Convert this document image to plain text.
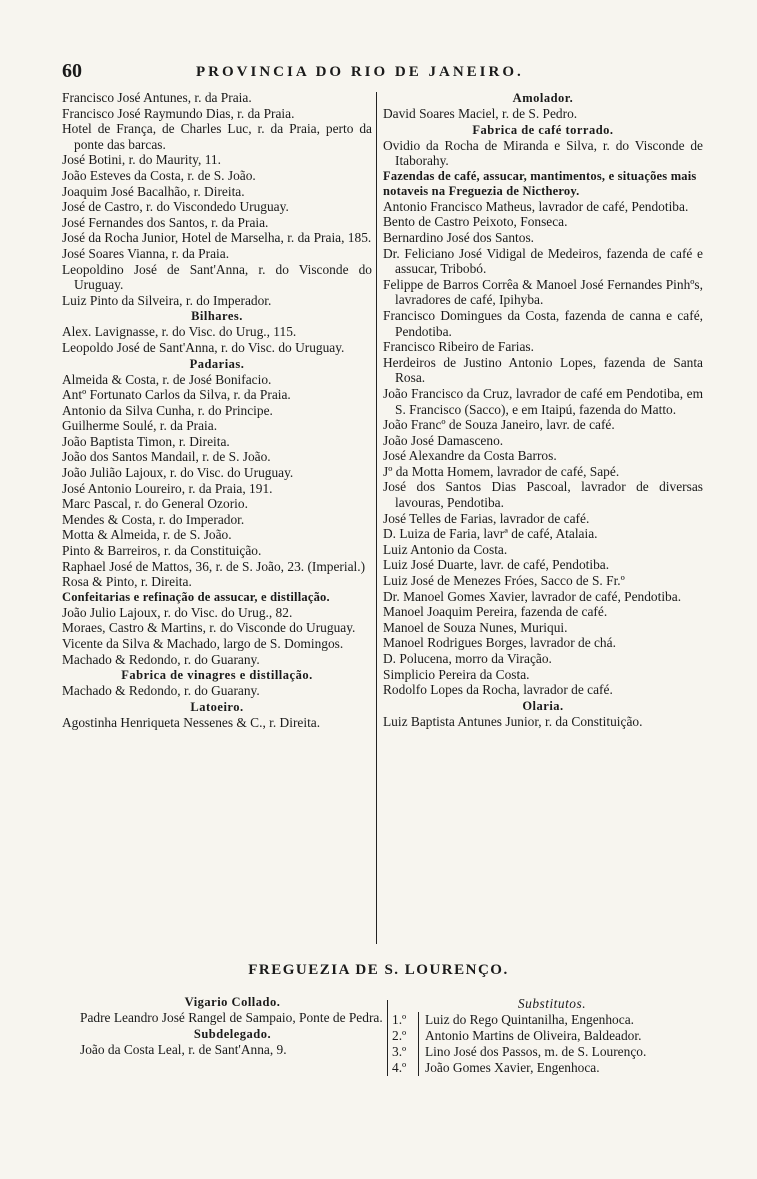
60	PROVINCIA DO RIO DE JANEIRO.
Francisco José Antunes, r. da Praia.
Francisco José Raymundo Dias, r. da Praia.
Hotel de França, de Charles Luc, r. da Praia, perto da ponte das barcas.
José Botini, r. do Maurity, 11.
João Esteves da Costa, r. de S. João.
Joaquim José Bacalhão, r. Direita.
José de Castro, r. do Viscondedo Uruguay.
José Fernandes dos Santos, r. da Praia.
José da Rocha Junior, Hotel de Marselha, r. da Praia, 185.
José Soares Vianna, r. da Praia.
Leopoldino José de Sant'Anna, r. do Visconde do Uruguay.
Luiz Pinto da Silveira, r. do Imperador.
Bilhares.
Alex. Lavignasse, r. do Visc. do Urug., 115.
Leopoldo José de Sant'Anna, r. do Visc. do Uruguay.
Padarias.
Almeida & Costa, r. de José Bonifacio.
Antº Fortunato Carlos da Silva, r. da Praia.
Antonio da Silva Cunha, r. do Principe.
Guilherme Soulé, r. da Praia.
João Baptista Timon, r. Direita.
João dos Santos Mandail, r. de S. João.
João Julião Lajoux, r. do Visc. do Uruguay.
José Antonio Loureiro, r. da Praia, 191.
Marc Pascal, r. do General Ozorio.
Mendes & Costa, r. do Imperador.
Motta & Almeida, r. de S. João.
Pinto & Barreiros, r. da Constituição.
Raphael José de Mattos, 36, r. de S. João, 23. (Imperial.)
Rosa & Pinto, r. Direita.
Confeitarias e refinação de assucar, e distillação.
João Julio Lajoux, r. do Visc. do Urug., 82.
Moraes, Castro & Martins, r. do Visconde do Uruguay.
Vicente da Silva & Machado, largo de S. Domingos.
Machado & Redondo, r. do Guarany.
Fabrica de vinagres e distillação.
Machado & Redondo, r. do Guarany.
Latoeiro.
Agostinha Henriqueta Nessenes & C., r. Direita.
Amolador.
David Soares Maciel, r. de S. Pedro.
Fabrica de café torrado.
Ovidio da Rocha de Miranda e Silva, r. do Visconde de Itaborahy.
Fazendas de café, assucar, mantimentos, e situações mais notaveis na Freguezia de Nictheroy.
Antonio Francisco Matheus, lavrador de café, Pendotiba.
Bento de Castro Peixoto, Fonseca.
Bernardino José dos Santos.
Dr. Feliciano José Vidigal de Medeiros, fazenda de café e assucar, Tribobó.
Felippe de Barros Corrêa & Manoel José Fernandes Pinhºs, lavradores de café, Ipihyba.
Francisco Domingues da Costa, fazenda de canna e café, Pendotiba.
Francisco Ribeiro de Farias.
Herdeiros de Justino Antonio Lopes, fazenda de Santa Rosa.
João Francisco da Cruz, lavrador de café em Pendotiba, em S. Francisco (Sacco), e em Itaipú, fazenda do Matto.
João Francº de Souza Janeiro, lavr. de café.
João José Damasceno.
José Alexandre da Costa Barros.
Jº da Motta Homem, lavrador de café, Sapé.
José dos Santos Dias Pascoal, lavrador de diversas lavouras, Pendotiba.
José Telles de Farias, lavrador de café.
D. Luiza de Faria, lavrª de café, Atalaia.
Luiz Antonio da Costa.
Luiz José Duarte, lavr. de café, Pendotiba.
Luiz José de Menezes Fróes, Sacco de S. Fr.º
Dr. Manoel Gomes Xavier, lavrador de café, Pendotiba.
Manoel Joaquim Pereira, fazenda de café.
Manoel de Souza Nunes, Muriqui.
Manoel Rodrigues Borges, lavrador de chá.
D. Polucena, morro da Viração.
Simplicio Pereira da Costa.
Rodolfo Lopes da Rocha, lavrador de café.
Olaria.
Luiz Baptista Antunes Junior, r. da Constituição.
FREGUEZIA DE S. LOURENÇO.
Vigario Collado.
Padre Leandro José Rangel de Sampaio, Ponte de Pedra.
Subdelegado.
João da Costa Leal, r. de Sant'Anna, 9.
Substitutos.
1.º Luiz do Rego Quintanilha, Engenhoca.
2.º Antonio Martins de Oliveira, Baldeador.
3.º Lino José dos Passos, m. de S. Lourenço.
4.º João Gomes Xavier, Engenhoca.
